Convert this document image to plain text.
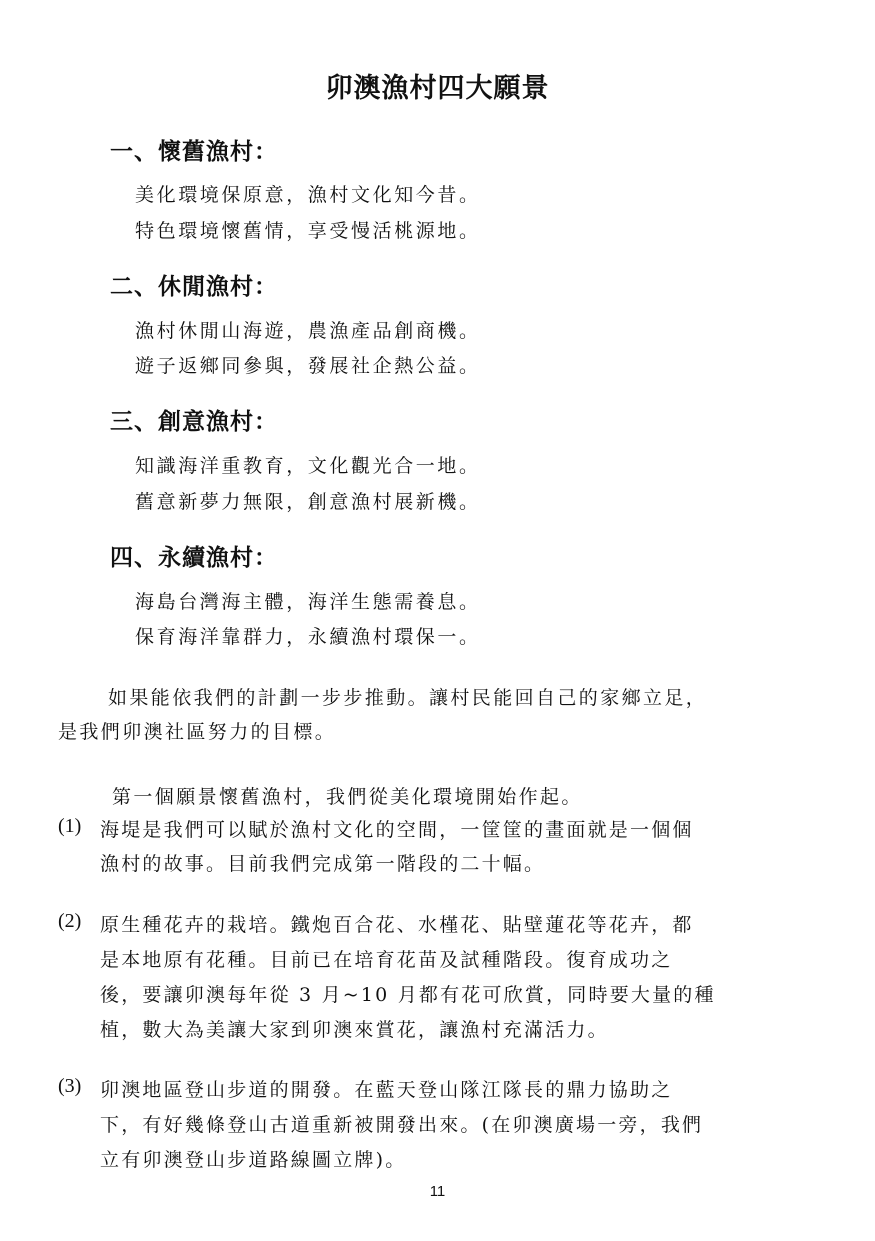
卯澳漁村四大願景
一、懷舊漁村：
美化環境保原意，漁村文化知今昔。
特色環境懷舊情，享受慢活桃源地。
二、休閒漁村：
漁村休閒山海遊，農漁產品創商機。
遊子返鄉同參與，發展社企熱公益。
三、創意漁村：
知識海洋重教育，文化觀光合一地。
舊意新夢力無限，創意漁村展新機。
四、永續漁村：
海島台灣海主體，海洋生態需養息。
保育海洋靠群力，永續漁村環保一。
如果能依我們的計劃一步步推動。讓村民能回自己的家鄉立足，
是我們卯澳社區努力的目標。
第一個願景懷舊漁村，我們從美化環境開始作起。
(1) 海堤是我們可以賦於漁村文化的空間，一筐筐的畫面就是一個個
漁村的故事。目前我們完成第一階段的二十幅。
(2) 原生種花卉的栽培。鐵炮百合花、水槿花、貼壁蓮花等花卉，都
是本地原有花種。目前已在培育花苗及試種階段。復育成功之
後，要讓卯澳每年從 3 月~10 月都有花可欣賞，同時要大量的種
植，數大為美讓大家到卯澳來賞花，讓漁村充滿活力。
(3) 卯澳地區登山步道的開發。在藍天登山隊江隊長的鼎力協助之
下，有好幾條登山古道重新被開發出來。(在卯澳廣場一旁，我們
立有卯澳登山步道路線圖立牌)。
11
